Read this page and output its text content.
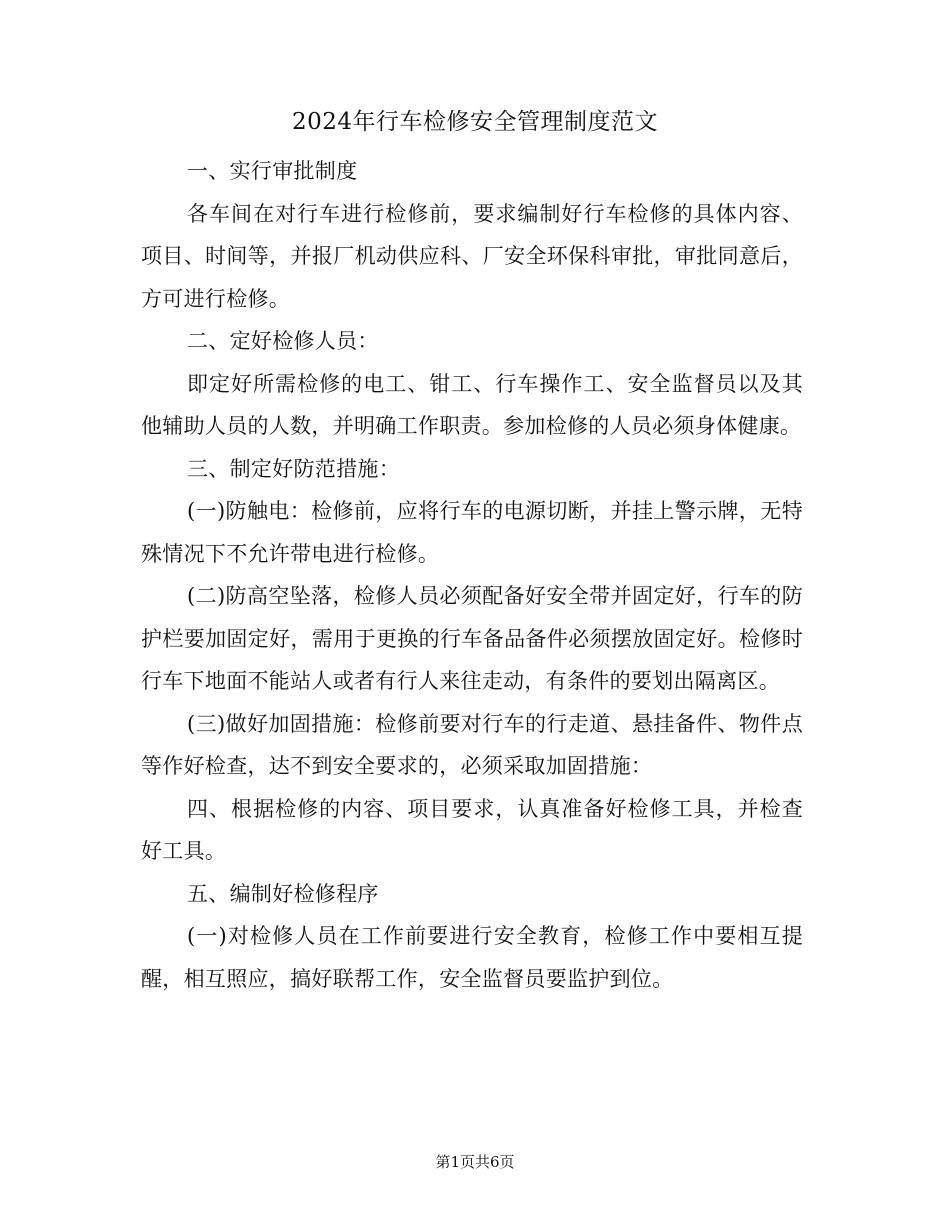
2024年行车检修安全管理制度范文

一、实行审批制度

各车间在对行车进行检修前，要求编制好行车检修的具体内容、项目、时间等，并报厂机动供应科、厂安全环保科审批，审批同意后，方可进行检修。

二、定好检修人员：

即定好所需检修的电工、钳工、行车操作工、安全监督员以及其他辅助人员的人数，并明确工作职责。参加检修的人员必须身体健康。

三、制定好防范措施：

(一)防触电：检修前，应将行车的电源切断，并挂上警示牌，无特殊情况下不允许带电进行检修。

(二)防高空坠落，检修人员必须配备好安全带并固定好，行车的防护栏要加固定好，需用于更换的行车备品备件必须摆放固定好。检修时行车下地面不能站人或者有行人来往走动，有条件的要划出隔离区。

(三)做好加固措施：检修前要对行车的行走道、悬挂备件、物件点等作好检查，达不到安全要求的，必须采取加固措施：

四、根据检修的内容、项目要求，认真准备好检修工具，并检查好工具。

五、编制好检修程序

(一)对检修人员在工作前要进行安全教育，检修工作中要相互提醒，相互照应，搞好联帮工作，安全监督员要监护到位。

第1页共6页
